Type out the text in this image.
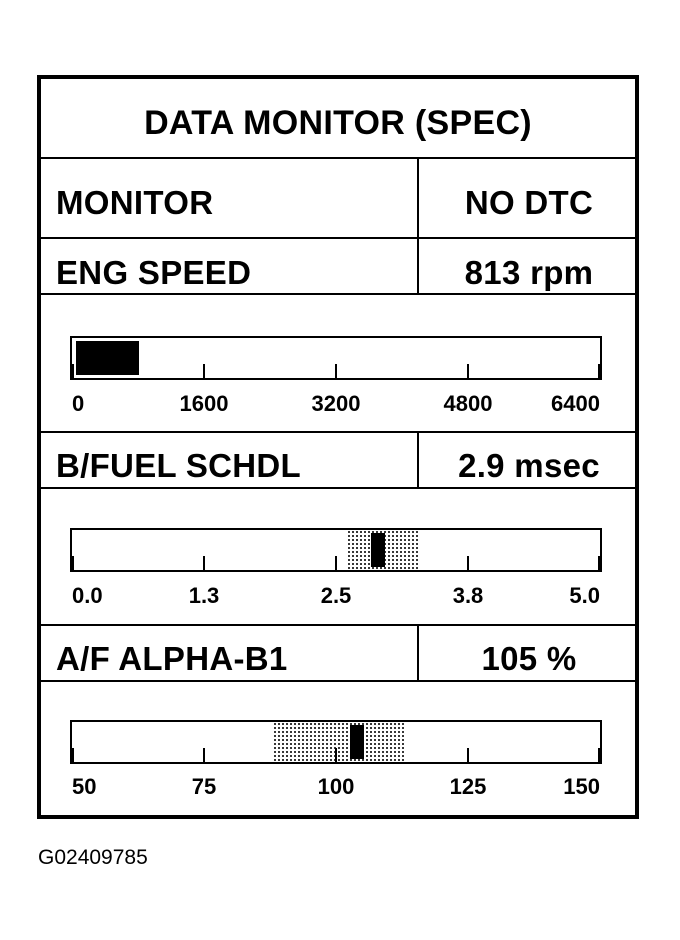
DATA MONITOR (SPEC)
MONITOR	NO DTC
ENG SPEED	813 rpm
0	1600	3200	4800	6400
B/FUEL SCHDL	2.9 msec
0.0	1.3	2.5	3.8	5.0
A/F ALPHA-B1	105 %
50	75	100	125	150
G02409785
